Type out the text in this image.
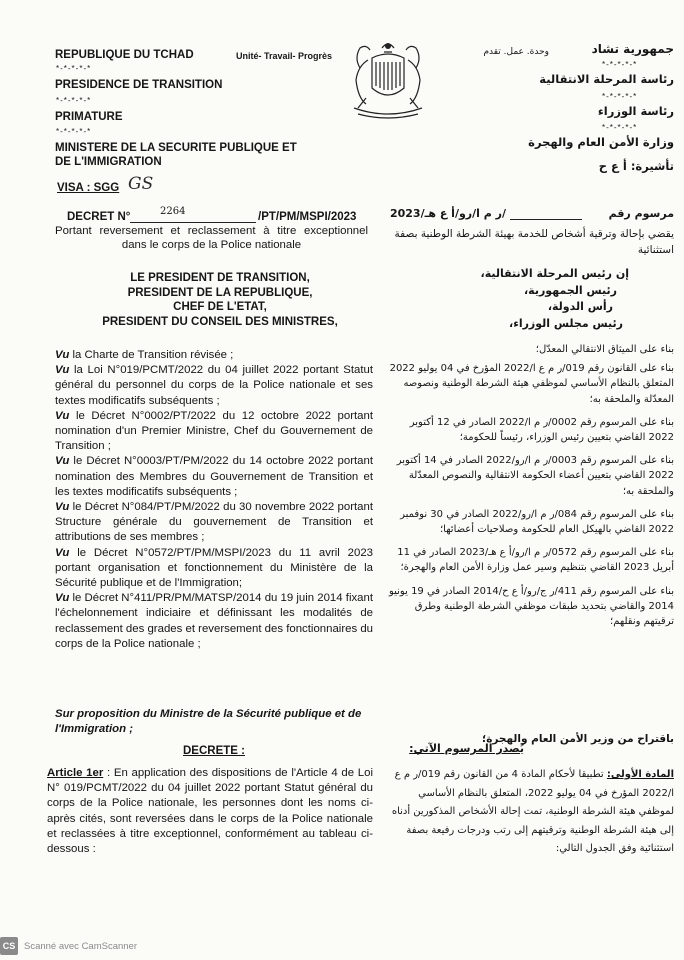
REPUBLIQUE DU TCHAD	Unité- Travail- Progrès
*-*-*-*-*
PRESIDENCE DE TRANSITION
*-*-*-*-*
PRIMATURE
*-*-*-*-*
MINISTERE DE LA SECURITE PUBLIQUE ET
DE L'IMMIGRATION
VISA : SGG GS
جمهورية تشاد
وحدة. عمل. تقدم
*-*-*-*-*
رئاسة المرحلة الانتقالية
*-*-*-*-*
رئاسة الوزراء
*-*-*-*-*
وزارة الأمن العام والهجرة
تأشيرة: أ ع ح
DECRET N°	2264	/PT/PM/MSPI/2023
Portant reversement et reclassement à titre exceptionnel dans le corps de la Police nationale
مرسوم رقم
/ر م ا/رو/أ ع هـ/2023
يقضي بإحالة وترقية أشخاص للخدمة بهيئة الشرطة الوطنية بصفة استثنائية
LE PRESIDENT DE TRANSITION,
PRESIDENT DE LA REPUBLIQUE,
CHEF DE L'ETAT,
PRESIDENT DU CONSEIL DES MINISTRES,
إن رئيس المرحلة الانتقالية،
رئيس الجمهورية،
رأس الدولة،
رئيس مجلس الوزراء،

Vu la Charte de Transition révisée ;

Vu la Loi N°019/PCMT/2022 du 04 juillet 2022 portant Statut général du personnel du corps de la Police nationale et ses textes modificatifs subséquents ;

Vu le Décret N°0002/PT/2022 du 12 octobre 2022 portant nomination d'un Premier Ministre, Chef du Gouvernement de Transition ;

Vu le Décret N°0003/PT/PM/2022 du 14 octobre 2022 portant nomination des Membres du Gouvernement de Transition et les textes modificatifs subséquents ;

Vu le Décret N°084/PT/PM/2022 du 30 novembre 2022 portant Structure générale du gouvernement de Transition et attributions de ses membres ;

Vu le Décret N°0572/PT/PM/MSPI/2023 du 11 avril 2023 portant organisation et fonctionnement du Ministère de la Sécurité publique et de l'Immigration;

Vu le Décret N°411/PR/PM/MATSP/2014 du 19 juin 2014 fixant l'échelonnement indiciaire et définissant les modalités de reclassement des grades et reversement des fonctionnaires du corps de la Police nationale ;

بناء على الميثاق الانتقالي المعدّل؛

بناء على القانون رقم 019/ر م ع ا/2022 المؤرخ في 04 يوليو 2022 المتعلق بالنظام الأساسي لموظفي هيئة الشرطة الوطنية ونصوصه المعدّلة والملحقة به؛

بناء على المرسوم رقم 0002/ر م ا/2022 الصادر في 12 أكتوبر 2022 القاضي بتعيين رئيس الوزراء، رئيساً للحكومة؛

بناء على المرسوم رقم 0003/ر م ا/رو/2022 الصادر في 14 أكتوبر 2022 القاضي بتعيين أعضاء الحكومة الانتقالية والنصوص المعدّلة والملحقة به؛

بناء على المرسوم رقم 084/ر م ا/رو/2022 الصادر في 30 نوفمبر 2022 القاضي بالهيكل العام للحكومة وصلاحيات أعضائها؛

بناء على المرسوم رقم 0572/ر م ا/رو/أ ع هـ/2023 الصادر في 11 أبريل 2023 القاضي بتنظيم وسير عمل وزارة الأمن العام والهجرة؛

بناء على المرسوم رقم 411/ر ج/رو/أ ع ح/2014 الصادر في 19 يونيو 2014 والقاضي بتحديد طبقات موظفي الشرطة الوطنية وطرق ترقيتهم ونقلهم؛

Sur proposition du Ministre de la Sécurité publique et de l'Immigration ;
باقتراح من وزير الأمن العام والهجرة؛
DECRETE :	يُصدر المرسوم الآتي:
Article 1er : En application des dispositions de l'Article 4 de Loi N° 019/PCMT/2022 du 04 juillet 2022 portant Statut général du corps de la Police nationale, les personnes dont les noms ci-après cités, sont reversées dans le corps de la Police nationale et reclassées à titre exceptionnel, conformément au tableau ci-dessous :
المادة الأولى: تطبيقا لأحكام المادة 4 من القانون رقم 019/ر م ع ا/2022 المؤرخ في 04 يوليو 2022، المتعلق بالنظام الأساسي لموظفي هيئة الشرطة الوطنية، تمت إحالة الأشخاص المذكورين أدناه إلى هيئة الشرطة الوطنية وترقيتهم إلى رتب ودرجات رفيعة بصفة استثنائية وفق الجدول التالي:
CS Scanné avec CamScanner
